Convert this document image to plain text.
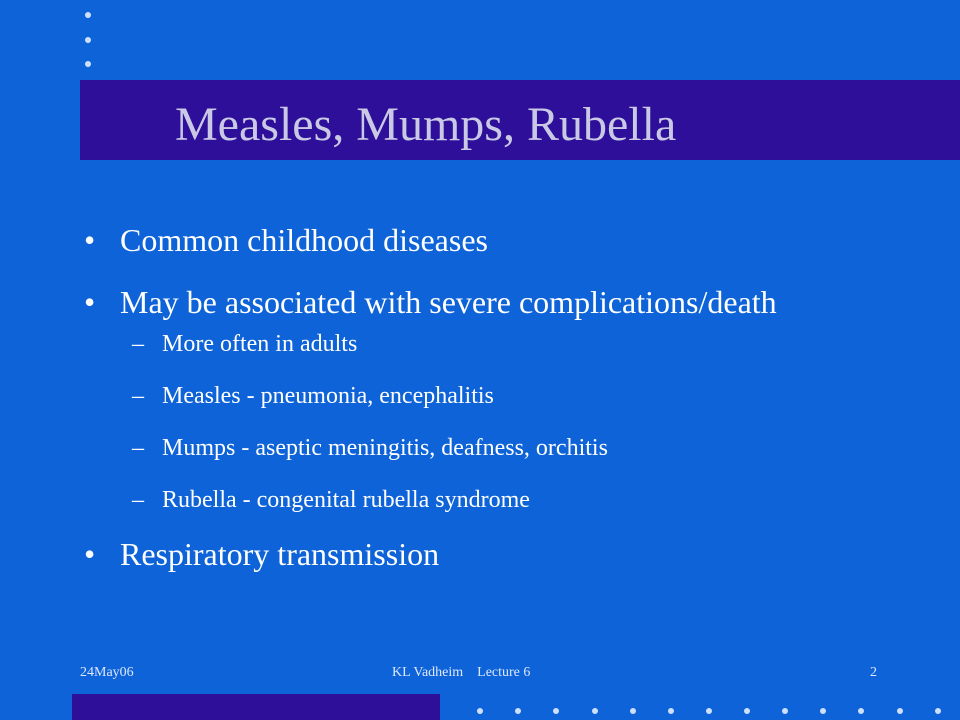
Measles, Mumps, Rubella
• Common childhood diseases
• May be associated with severe complications/death
– More often in adults
– Measles - pneumonia, encephalitis
– Mumps - aseptic meningitis, deafness, orchitis
– Rubella - congenital rubella syndrome
• Respiratory transmission
24May06	KL Vadheim    Lecture 6	2
